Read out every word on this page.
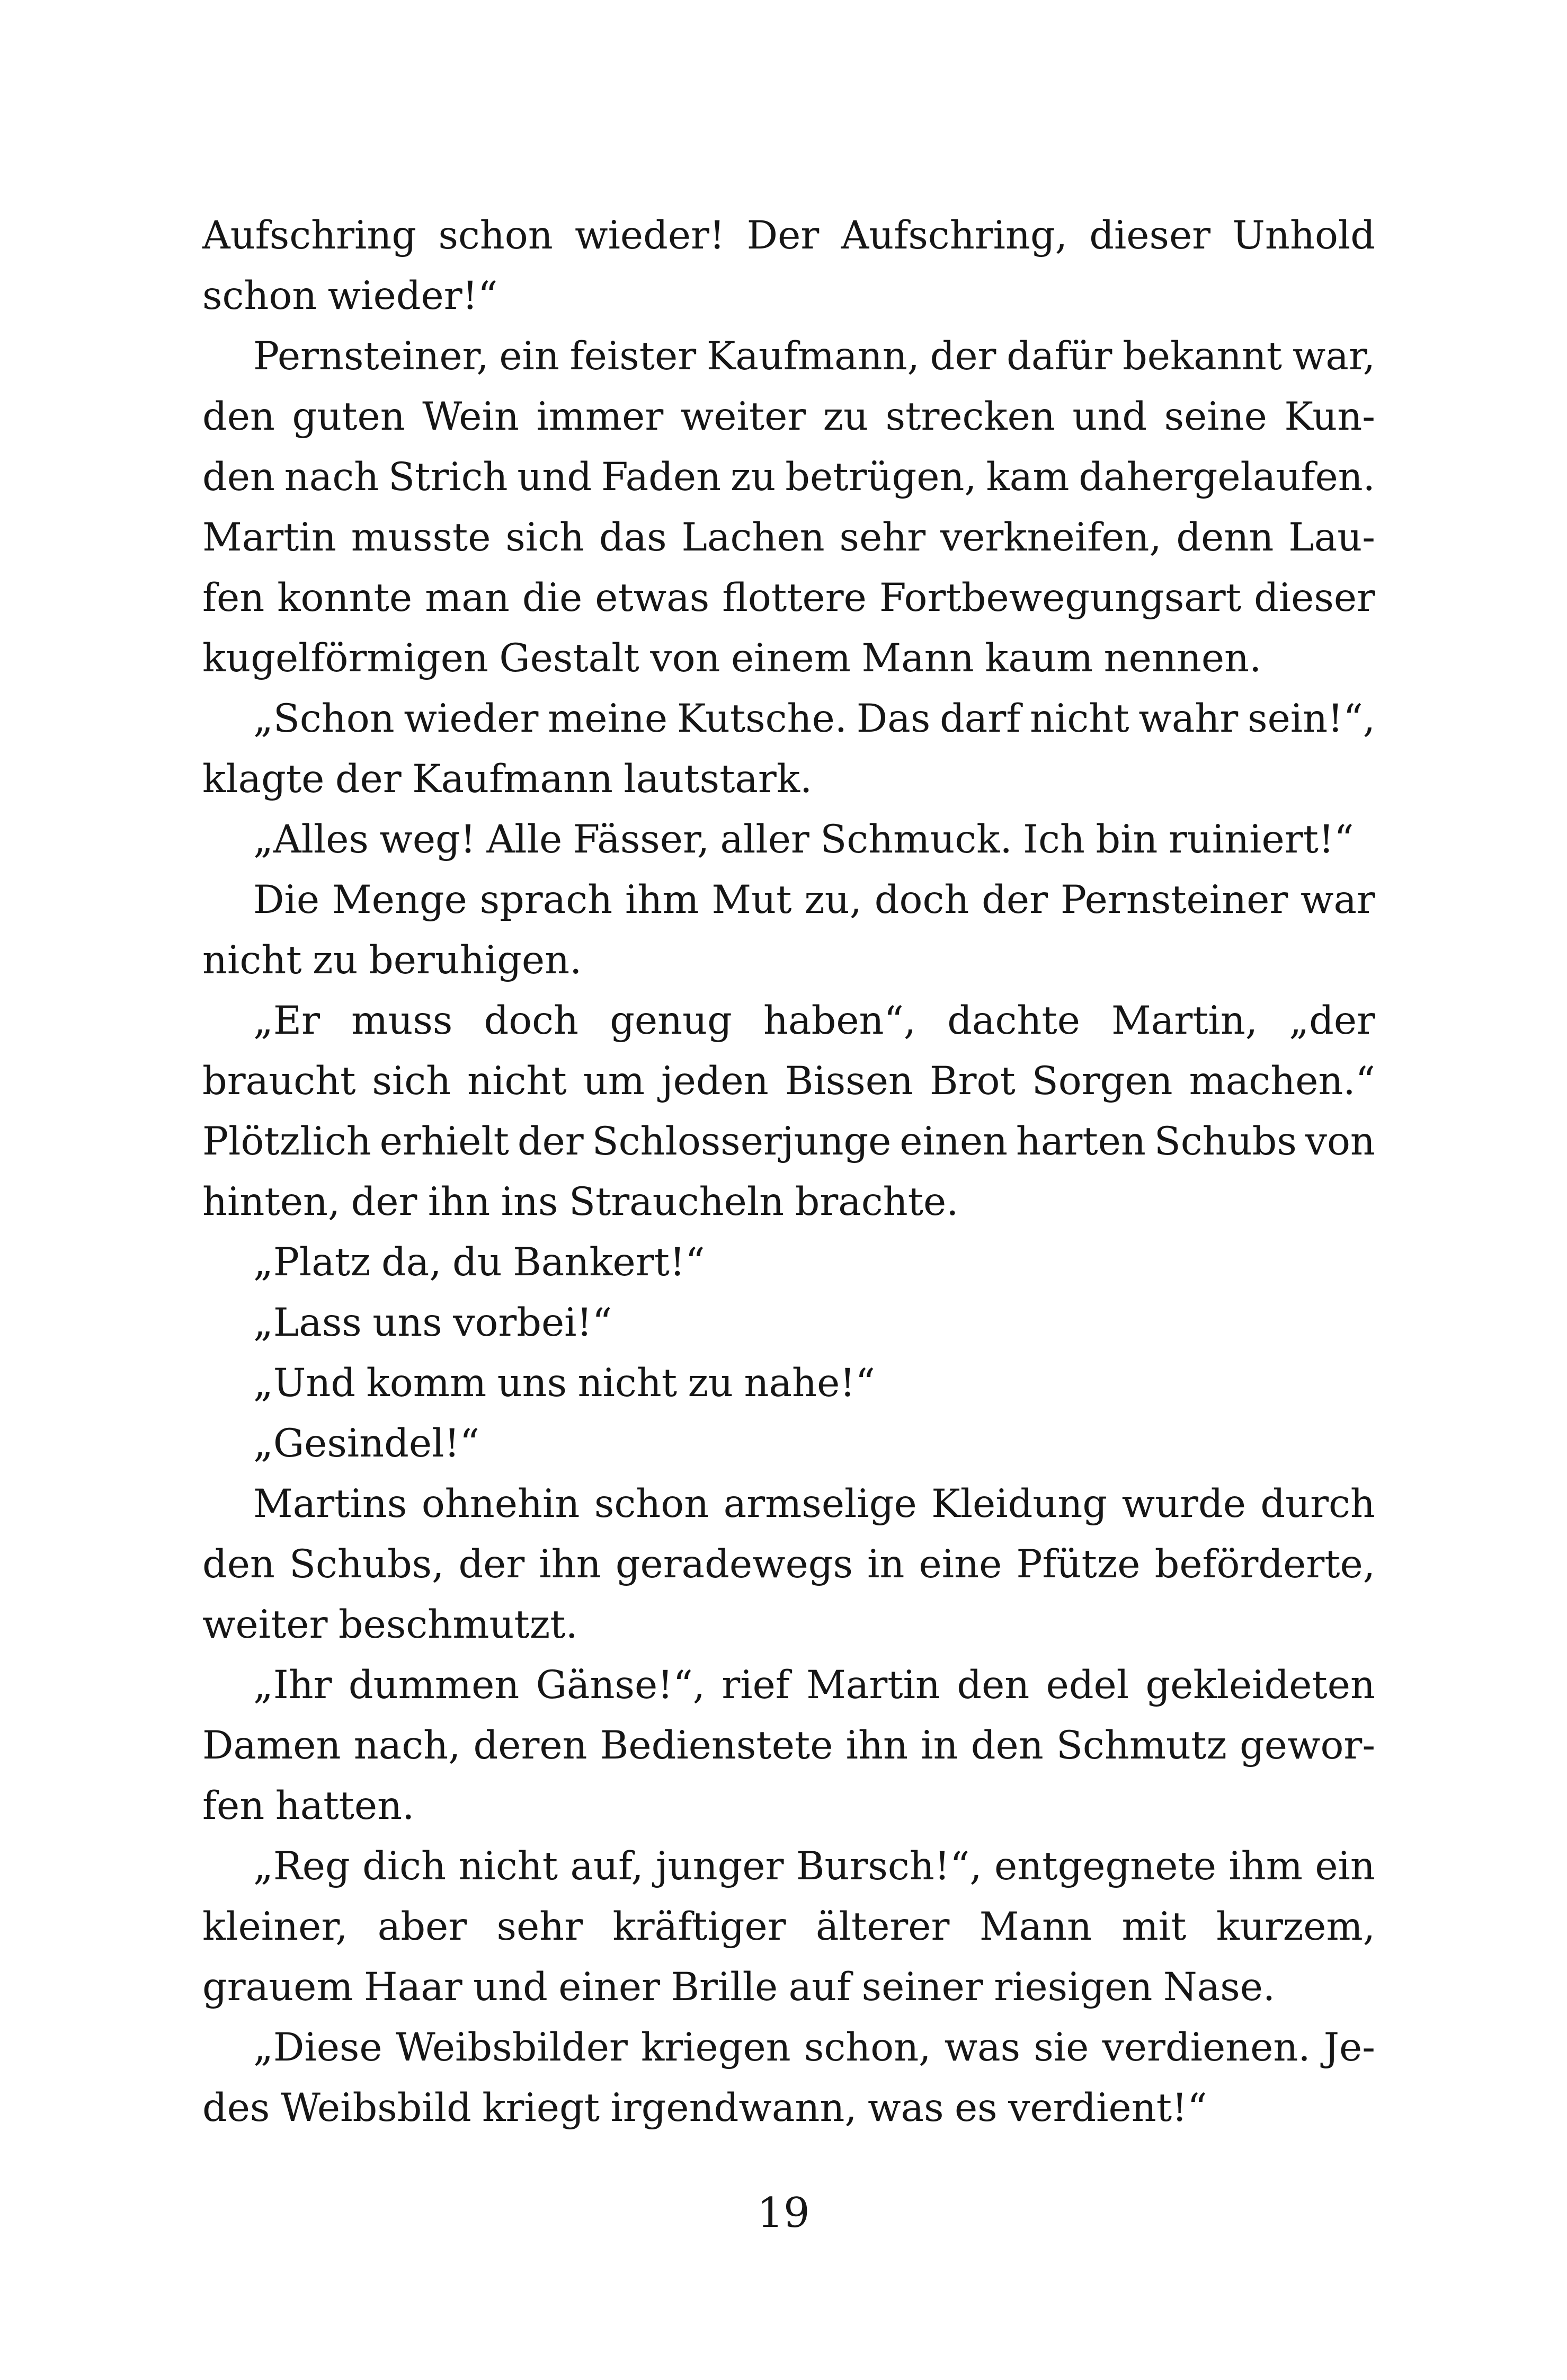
Aufschring schon wieder! Der Aufschring, dieser Unhold
schon wieder!“
Pernsteiner, ein feister Kaufmann, der dafür bekannt war,
den guten Wein immer weiter zu strecken und seine Kun-
den nach Strich und Faden zu betrügen, kam dahergelaufen.
Martin musste sich das Lachen sehr verkneifen, denn Lau-
fen konnte man die etwas flottere Fortbewegungsart dieser
kugelförmigen Gestalt von einem Mann kaum nennen.
„Schon wieder meine Kutsche. Das darf nicht wahr sein!“,
klagte der Kaufmann lautstark.
„Alles weg! Alle Fässer, aller Schmuck. Ich bin ruiniert!“
Die Menge sprach ihm Mut zu, doch der Pernsteiner war
nicht zu beruhigen.
„Er muss doch genug haben“, dachte Martin, „der
braucht sich nicht um jeden Bissen Brot Sorgen machen.“
Plötzlich erhielt der Schlosserjunge einen harten Schubs von
hinten, der ihn ins Straucheln brachte.
„Platz da, du Bankert!“
„Lass uns vorbei!“
„Und komm uns nicht zu nahe!“
„Gesindel!“
Martins ohnehin schon armselige Kleidung wurde durch
den Schubs, der ihn geradewegs in eine Pfütze beförderte,
weiter beschmutzt.
„Ihr dummen Gänse!“, rief Martin den edel gekleideten
Damen nach, deren Bedienstete ihn in den Schmutz gewor-
fen hatten.
„Reg dich nicht auf, junger Bursch!“, entgegnete ihm ein
kleiner, aber sehr kräftiger älterer Mann mit kurzem,
grauem Haar und einer Brille auf seiner riesigen Nase.
„Diese Weibsbilder kriegen schon, was sie verdienen. Je-
des Weibsbild kriegt irgendwann, was es verdient!“
19
